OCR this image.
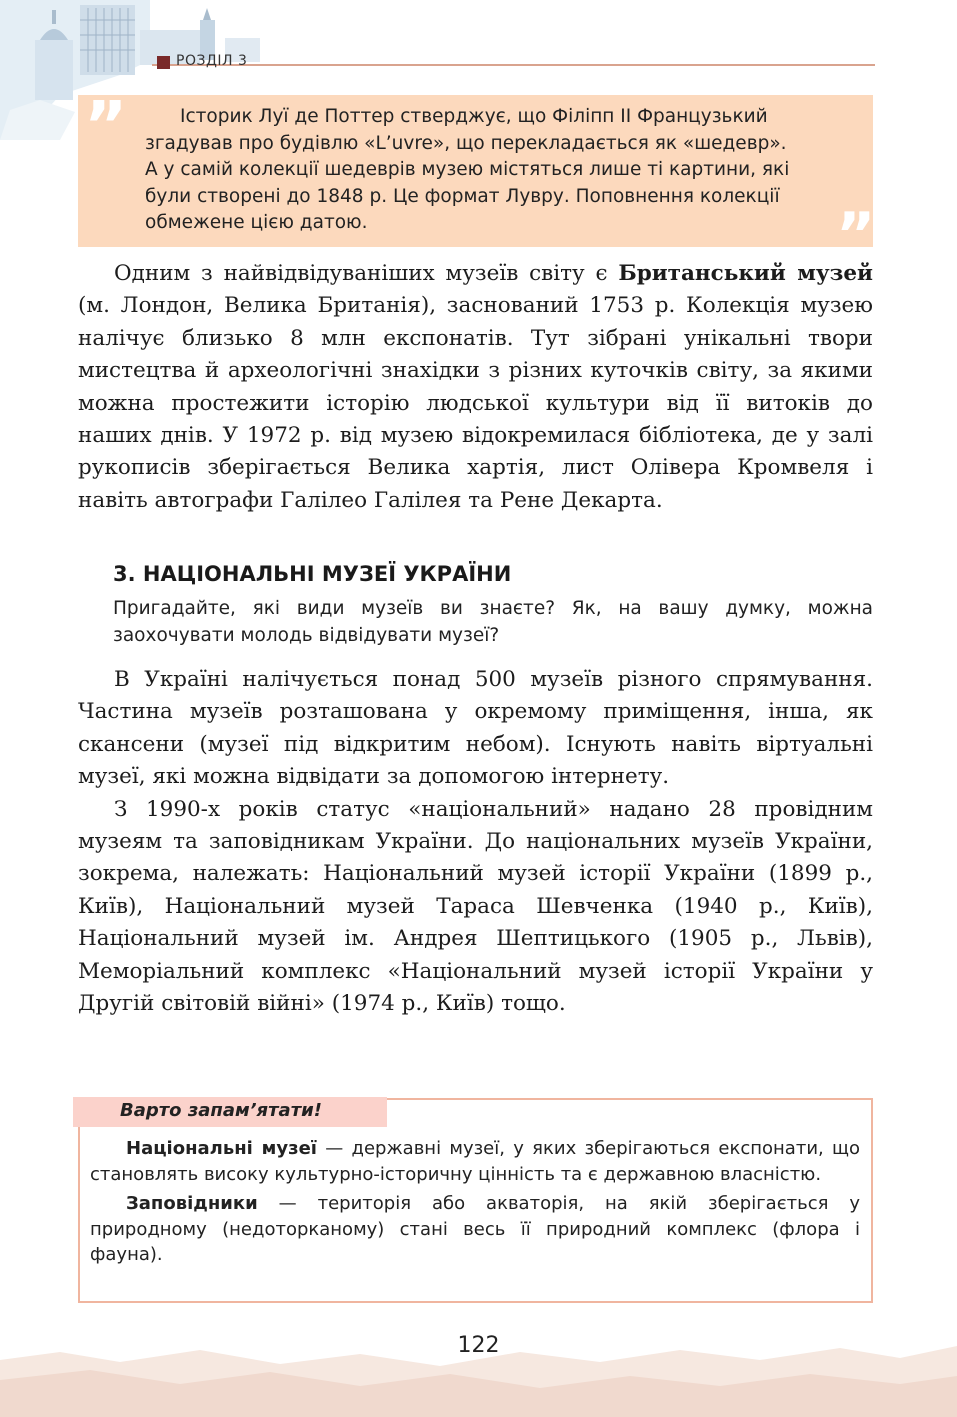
РОЗДІЛ 3
”
”
Історик Луї де Поттер стверджує, що Філіпп II Французький
згадував про будівлю «L’uvre», що перекладається як «шедевр».
А у самій колекції шедеврів музею містяться лише ті картини, які
були створені до 1848 р. Це формат Лувру. Поповнення колекції
обмежене цією датою.

Одним з найвідвідуваніших музеїв світу є Британський музей (м. Лондон, Велика Британія), заснований 1753 р. Колекція музею налічує близько 8 млн експонатів. Тут зібрані унікальні твори мистецтва й археологічні знахідки з різних куточків світу, за якими можна простежити історію людської культури від її витоків до наших днів. У 1972 р. від музею відокремилася бібліотека, де у залі рукописів зберігається Велика хартія, лист Олівера Кромвеля і навіть автографи Галілео Галілея та Рене Декарта.

3. НАЦІОНАЛЬНІ МУЗЕЇ УКРАЇНИ
Пригадайте, які види музеїв ви знаєте? Як, на вашу думку, можна заохочувати молодь відвідувати музеї?

В Україні налічується понад 500 музеїв різного спрямування. Частина музеїв розташована у окремому приміщення, інша, як скансени (музеї під відкритим небом). Існують навіть віртуальні музеї, які можна відвідати за допомогою інтернету.

З 1990-х років статус «національний» надано 28 провідним музеям та заповідникам України. До національних музеїв України, зокрема, належать: Національний музей історії України (1899 р., Київ), Національний музей Тараса Шевченка (1940 р., Київ), Національний музей ім. Андрея Шептицького (1905 р., Львів), Меморіальний комплекс «Національний музей історії України у Другій світовій війні» (1974 р., Київ) тощо.

Варто запам’ятати!

Національні музеї — державні музеї, у яких зберігаються експонати, що становлять високу культурно-історичну цінність та є державною власністю.

Заповідники — територія або акваторія, на якій зберігається у природному (недоторканому) стані весь її природний комплекс (флора і фауна).

122
